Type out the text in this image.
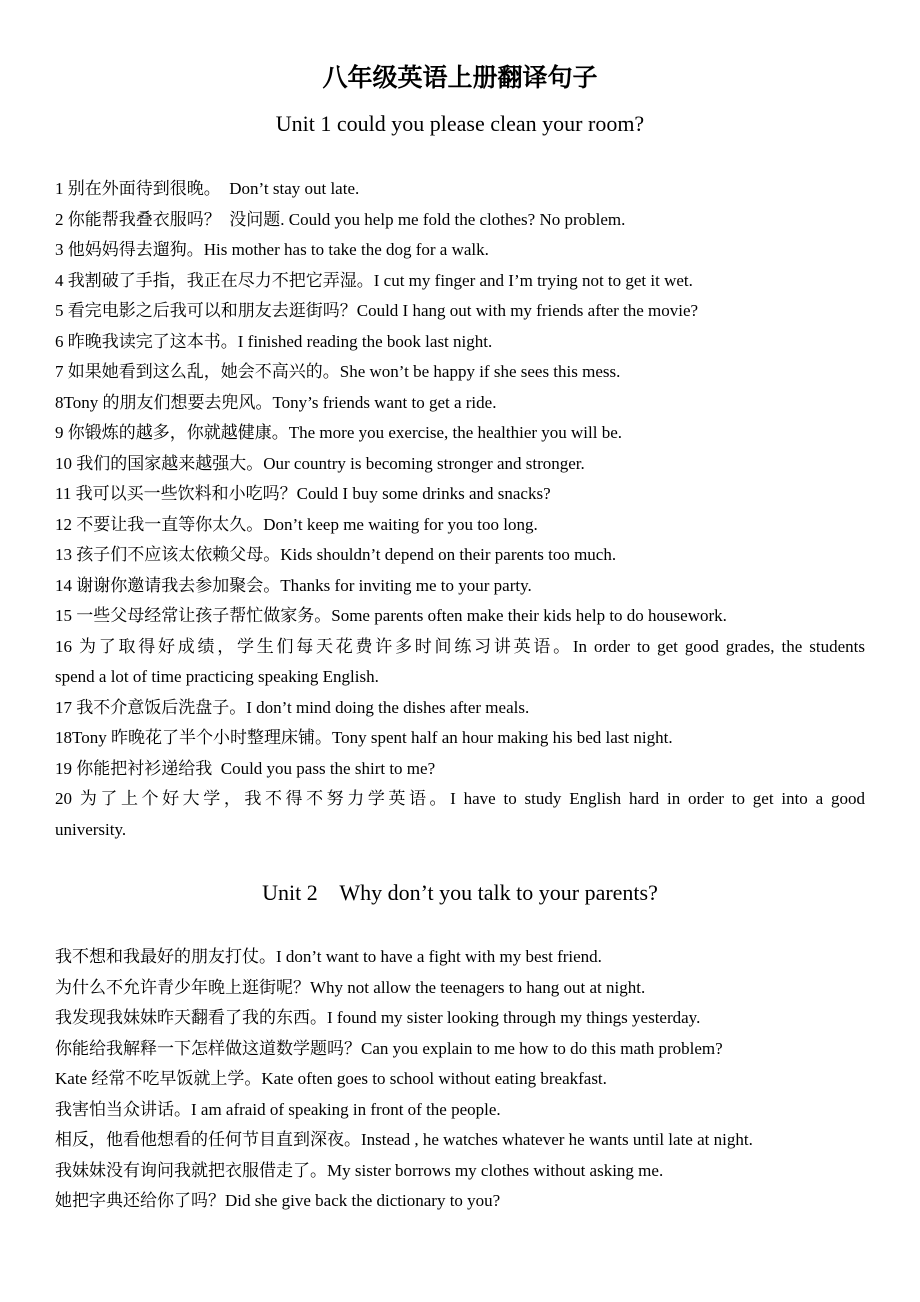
八年级英语上册翻译句子
Unit 1 could you please clean your room?

1 别在外面待到很晚。  Don’t stay out late.

2 你能帮我叠衣服吗？  没问题. Could you help me fold the clothes? No problem.

3 他妈妈得去遛狗。His mother has to take the dog for a walk.

4 我割破了手指，我正在尽力不把它弄湿。I cut my finger and I’m trying not to get it wet.

5 看完电影之后我可以和朋友去逛街吗？Could I hang out with my friends after the movie?

6 昨晚我读完了这本书。I finished reading the book last night.

7 如果她看到这么乱，她会不高兴的。She won’t be happy if she sees this mess.

8Tony 的朋友们想要去兜风。Tony’s friends want to get a ride.

9 你锻炼的越多，你就越健康。The more you exercise, the healthier you will be.

10 我们的国家越来越强大。Our country is becoming stronger and stronger.

11 我可以买一些饮料和小吃吗？Could I buy some drinks and snacks?

12 不要让我一直等你太久。Don’t keep me waiting for you too long.

13 孩子们不应该太依赖父母。Kids shouldn’t depend on their parents too much.

14 谢谢你邀请我去参加聚会。Thanks for inviting me to your party.

15 一些父母经常让孩子帮忙做家务。Some parents often make their kids help to do housework.

16 为了取得好成绩，学生们每天花费许多时间练习讲英语。In order to get good grades, the students

spend a lot of time practicing speaking English.

17 我不介意饭后洗盘子。I don’t mind doing the dishes after meals.

18Tony 昨晚花了半个小时整理床铺。Tony spent half an hour making his bed last night.

19 你能把衬衫递给我  Could you pass the shirt to me?

20 为了上个好大学，我不得不努力学英语。I have to study English hard in order to get into a good

university.

Unit 2    Why don’t you talk to your parents?

我不想和我最好的朋友打仗。I don’t want to have a fight with my best friend.

为什么不允许青少年晚上逛街呢？Why not allow the teenagers to hang out at night.

我发现我妹妹昨天翻看了我的东西。I found my sister looking through my things yesterday.

你能给我解释一下怎样做这道数学题吗？Can you explain to me how to do this math problem?

Kate 经常不吃早饭就上学。Kate often goes to school without eating breakfast.

我害怕当众讲话。I am afraid of speaking in front of the people.

相反，他看他想看的任何节目直到深夜。Instead , he watches whatever he wants until late at night.

我妹妹没有询问我就把衣服借走了。My sister borrows my clothes without asking me.

她把字典还给你了吗？Did she give back the dictionary to you?
